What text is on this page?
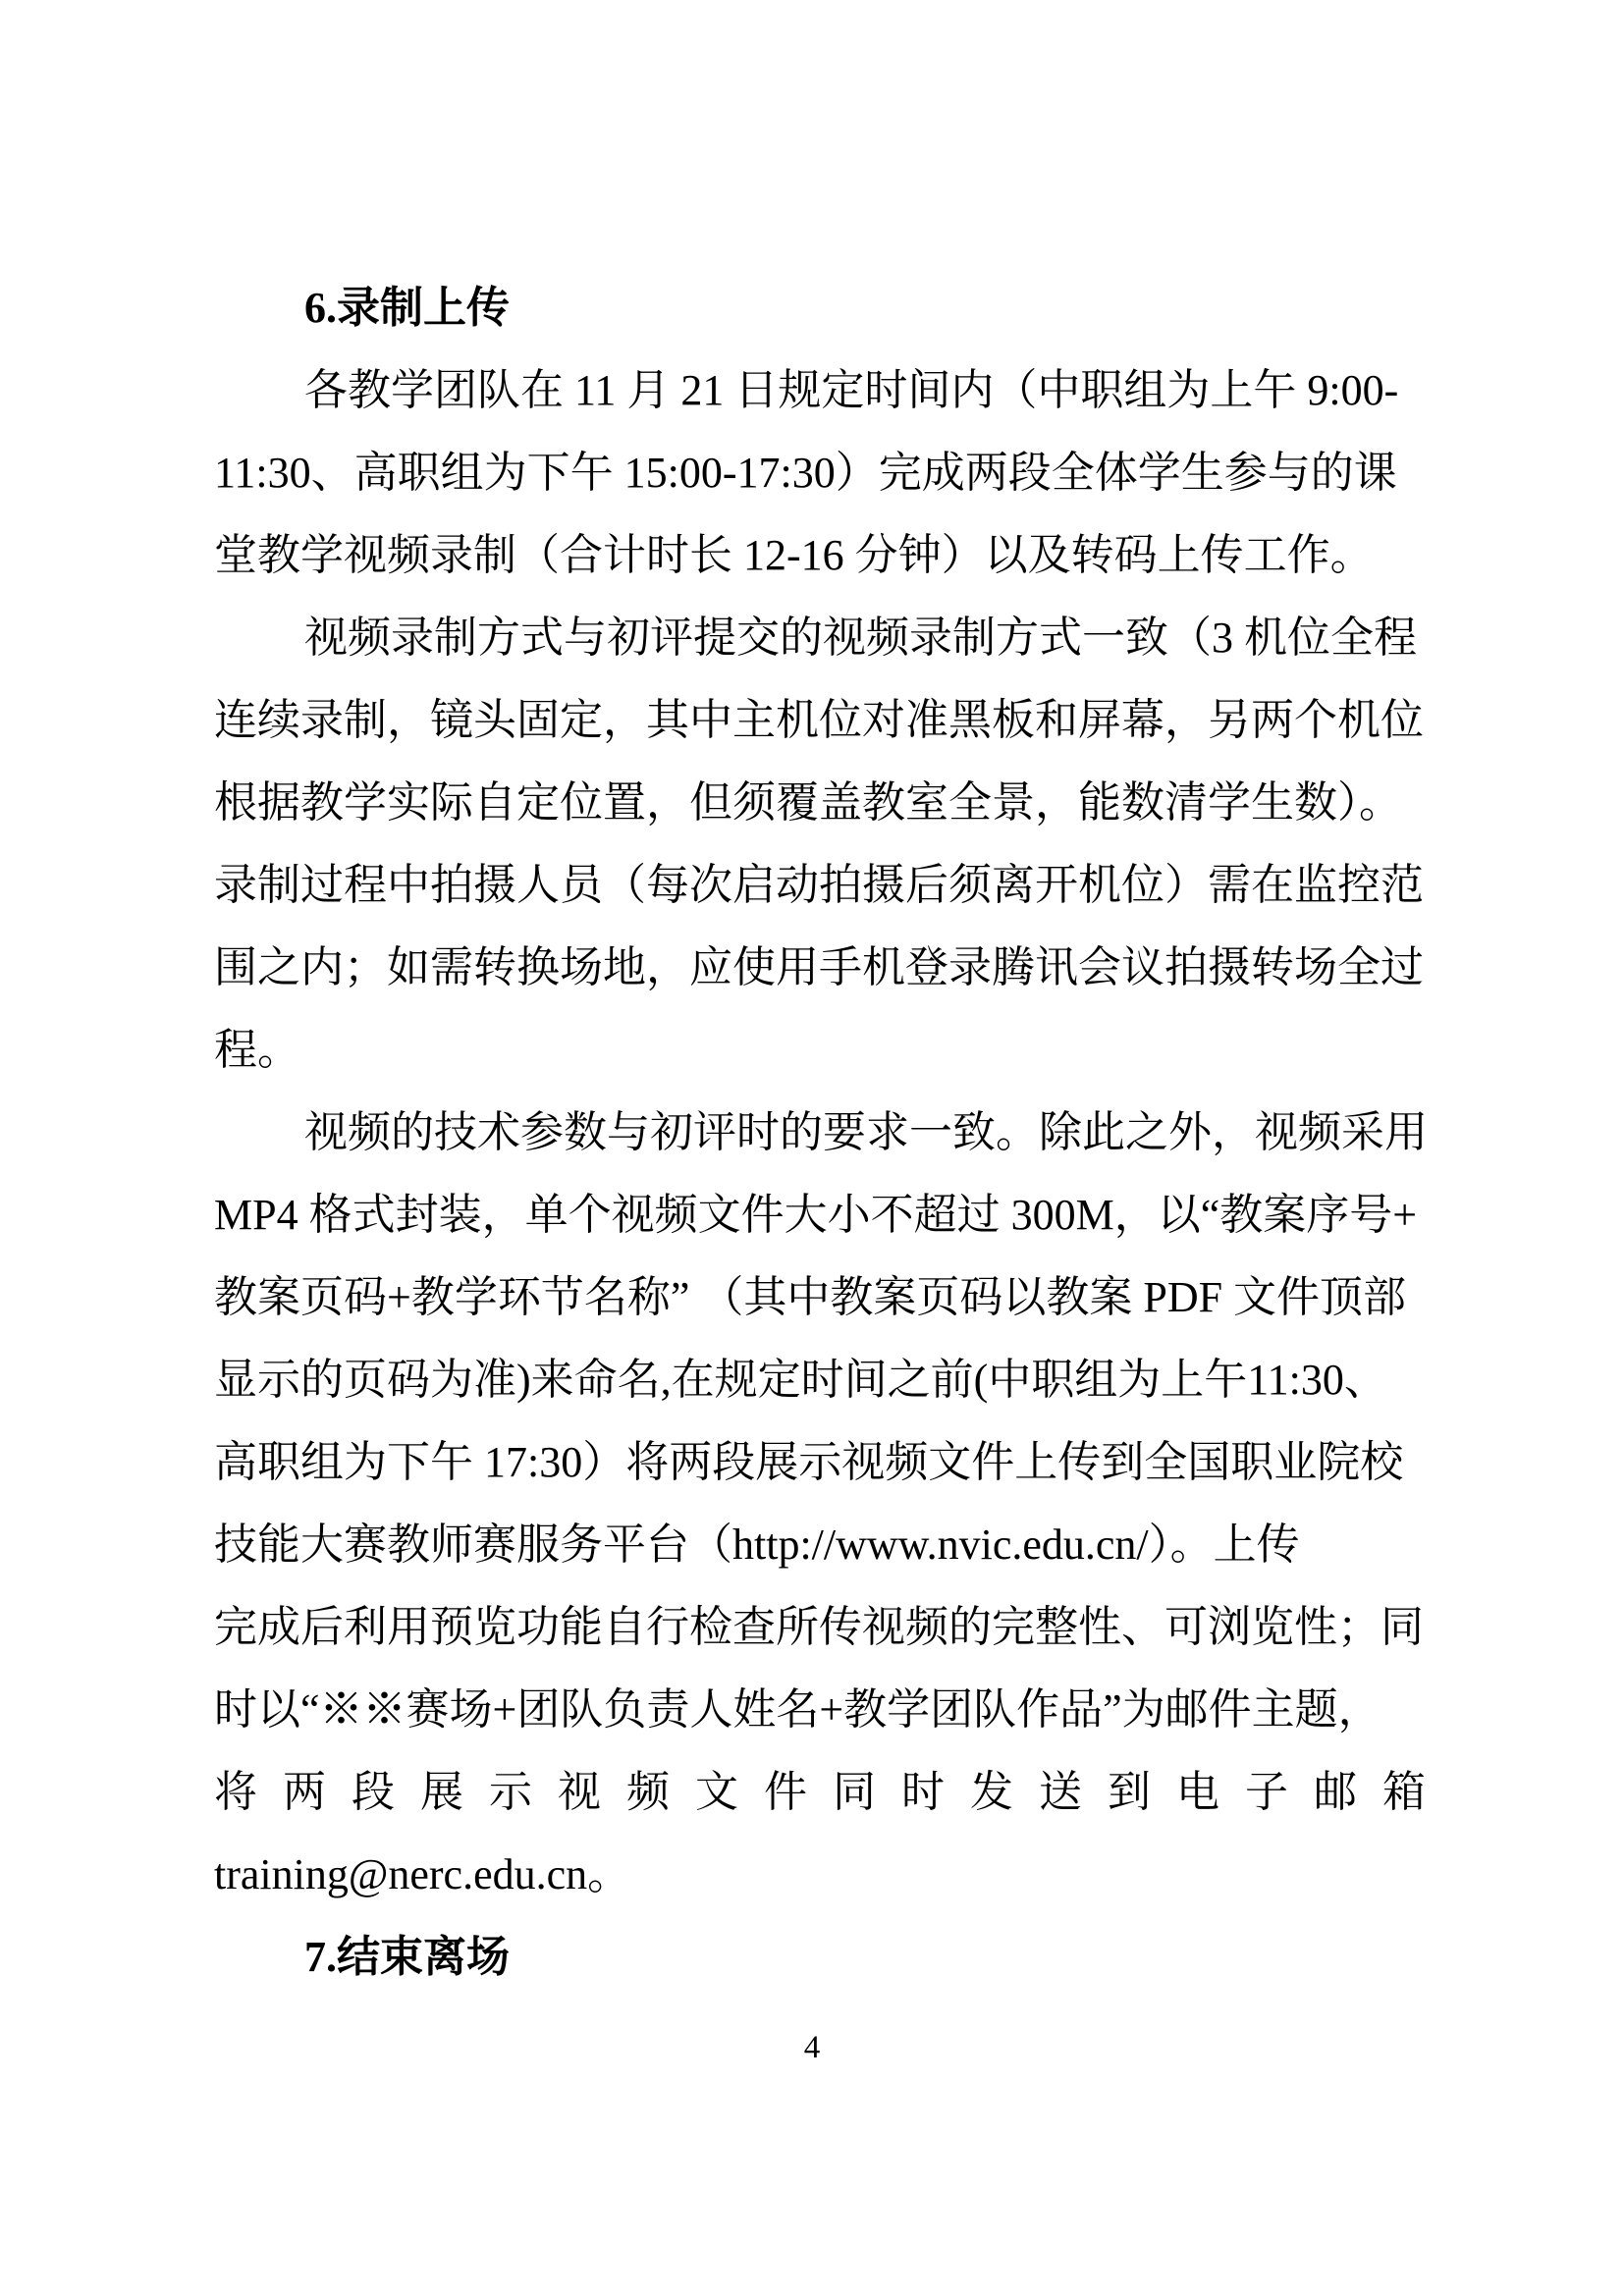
6.录制上传
各教学团队在 11 月 21 日规定时间内（中职组为上午 9:00-
11:30、高职组为下午 15:00-17:30）完成两段全体学生参与的课
堂教学视频录制（合计时长 12-16 分钟）以及转码上传工作。
视频录制方式与初评提交的视频录制方式一致（3 机位全程
连续录制，镜头固定，其中主机位对准黑板和屏幕，另两个机位
根据教学实际自定位置，但须覆盖教室全景，能数清学生数）。
录制过程中拍摄人员（每次启动拍摄后须离开机位）需在监控范
围之内；如需转换场地，应使用手机登录腾讯会议拍摄转场全过
程。
视频的技术参数与初评时的要求一致。除此之外，视频采用
MP4 格式封装，单个视频文件大小不超过 300M，以“教案序号+
教案页码+教学环节名称” （其中教案页码以教案 PDF 文件顶部
显示的页码为准)来命名,在规定时间之前(中职组为上午11:30、
高职组为下午 17:30）将两段展示视频文件上传到全国职业院校
技能大赛教师赛服务平台（http://www.nvic.edu.cn/）。上传
完成后利用预览功能自行检查所传视频的完整性、可浏览性；同
时以“※※赛场+团队负责人姓名+教学团队作品”为邮件主题，
将两段展示视频文件同时发送到电子邮箱
training@nerc.edu.cn。
7.结束离场
4
